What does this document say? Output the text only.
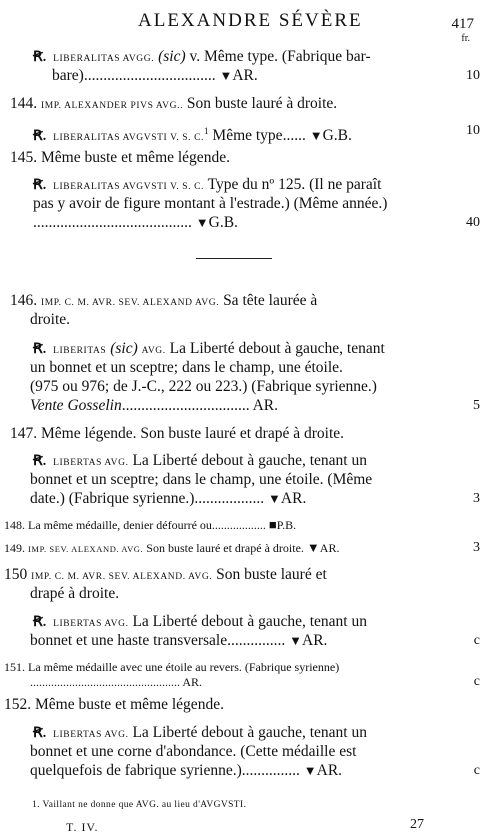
ALEXANDRE SÉVÈRE	417
fr.
Ꞧ. LIBERALITAS AVGG. (sic) v. Même type. (Fabrique bar-
bare).................................. ▼AR.	10
144. IMP. ALEXANDER PIVS AVG.. Son buste lauré à droite.
Ꞧ. LIBERALITAS AVGVSTI V. S. C.$^1$ Même type...... ▼G.B.	10
145. Même buste et même légende.
Ꞧ. LIBERALITAS AVGVSTI V. S. C. Type du nº 125. (Il ne paraît
pas y avoir de figure montant à l'estrade.) (Même année.)
......................................... ▼G.B.	40
146. IMP. C. M. AVR. SEV. ALEXAND AVG. Sa tête laurée à
droite.
Ꞧ. LIBERITAS (sic) AVG. La Liberté debout à gauche, tenant
un bonnet et un sceptre; dans le champ, une étoile.
(975 ou 976; de J.-C., 222 ou 223.) (Fabrique syrienne.)
Vente Gosselin................................. AR.	5
147. Même légende. Son buste lauré et drapé à droite.
Ꞧ. LIBERTAS AVG. La Liberté debout à gauche, tenant un
bonnet et un sceptre; dans le champ, une étoile. (Même
date.) (Fabrique syrienne.).................. ▼AR.	3
148. La même médaille, denier défourré ou.................. ■P.B.
149. IMP. SEV. ALEXAND. AVG. Son buste lauré et drapé à droite. ▼AR.	3
150 IMP. C. M. AVR. SEV. ALEXAND. AVG. Son buste lauré et
drapé à droite.
Ꞧ. LIBERTAS AVG. La Liberté debout à gauche, tenant un
bonnet et une haste transversale............... ▼AR.	c
151. La même médaille avec une étoile au revers. (Fabrique syrienne)
.................................................. AR.	c
152. Même buste et même légende.
Ꞧ. LIBERTAS AVG. La Liberté debout à gauche, tenant un
bonnet et une corne d'abondance. (Cette médaille est
quelquefois de fabrique syrienne.)............... ▼AR.	c
1. Vaillant ne donne que AVG. au lieu d'AVGVSTI.
T. IV.	27
